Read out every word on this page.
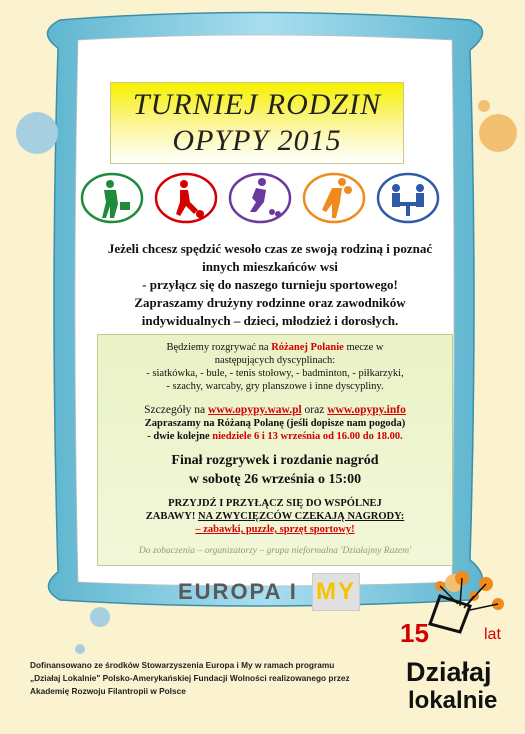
TURNIEJ RODZIN
OPYPY 2015
Jeżeli chcesz spędzić wesoło czas ze swoją rodziną i poznać
innych mieszkańców wsi
- przyłącz się do naszego turnieju sportowego!
Zapraszamy drużyny rodzinne oraz zawodników
indywidualnych – dzieci, młodzież i dorosłych.
Będziemy rozgrywać na Różanej Polanie mecze w
następujących dyscyplinach:
- siatkówka, - bule, - tenis stołowy, - badminton, - piłkarzyki,
- szachy, warcaby, gry planszowe i inne dyscypliny.
Szczegóły na www.opypy.waw.pl oraz www.opypy.info
Zapraszamy na Różaną Polanę (jeśli dopisze nam pogoda)
- dwie kolejne niedziele 6 i 13 września od 16.00 do 18.00.
Finał rozgrywek i rozdanie nagród
w sobotę 26 września o 15:00
PRZYJDŹ I PRZYŁĄCZ SIĘ DO WSPÓLNEJ
ZABAWY! NA ZWYCIĘZCÓW CZEKAJĄ NAGRODY:
– zabawki, puzzle, sprzęt sportowy!
Do zobaczenia – organizatorzy – grupa nieformalna 'Działajmy Razem'
EUROPA I MY
Dofinansowano ze środków Stowarzyszenia Europa i My w ramach programu
„Działaj Lokalnie" Polsko-Amerykańskiej Fundacji Wolności realizowanego przez
Akademię Rozwoju Filantropii w Polsce
15	lat
Działaj
lokalnie
